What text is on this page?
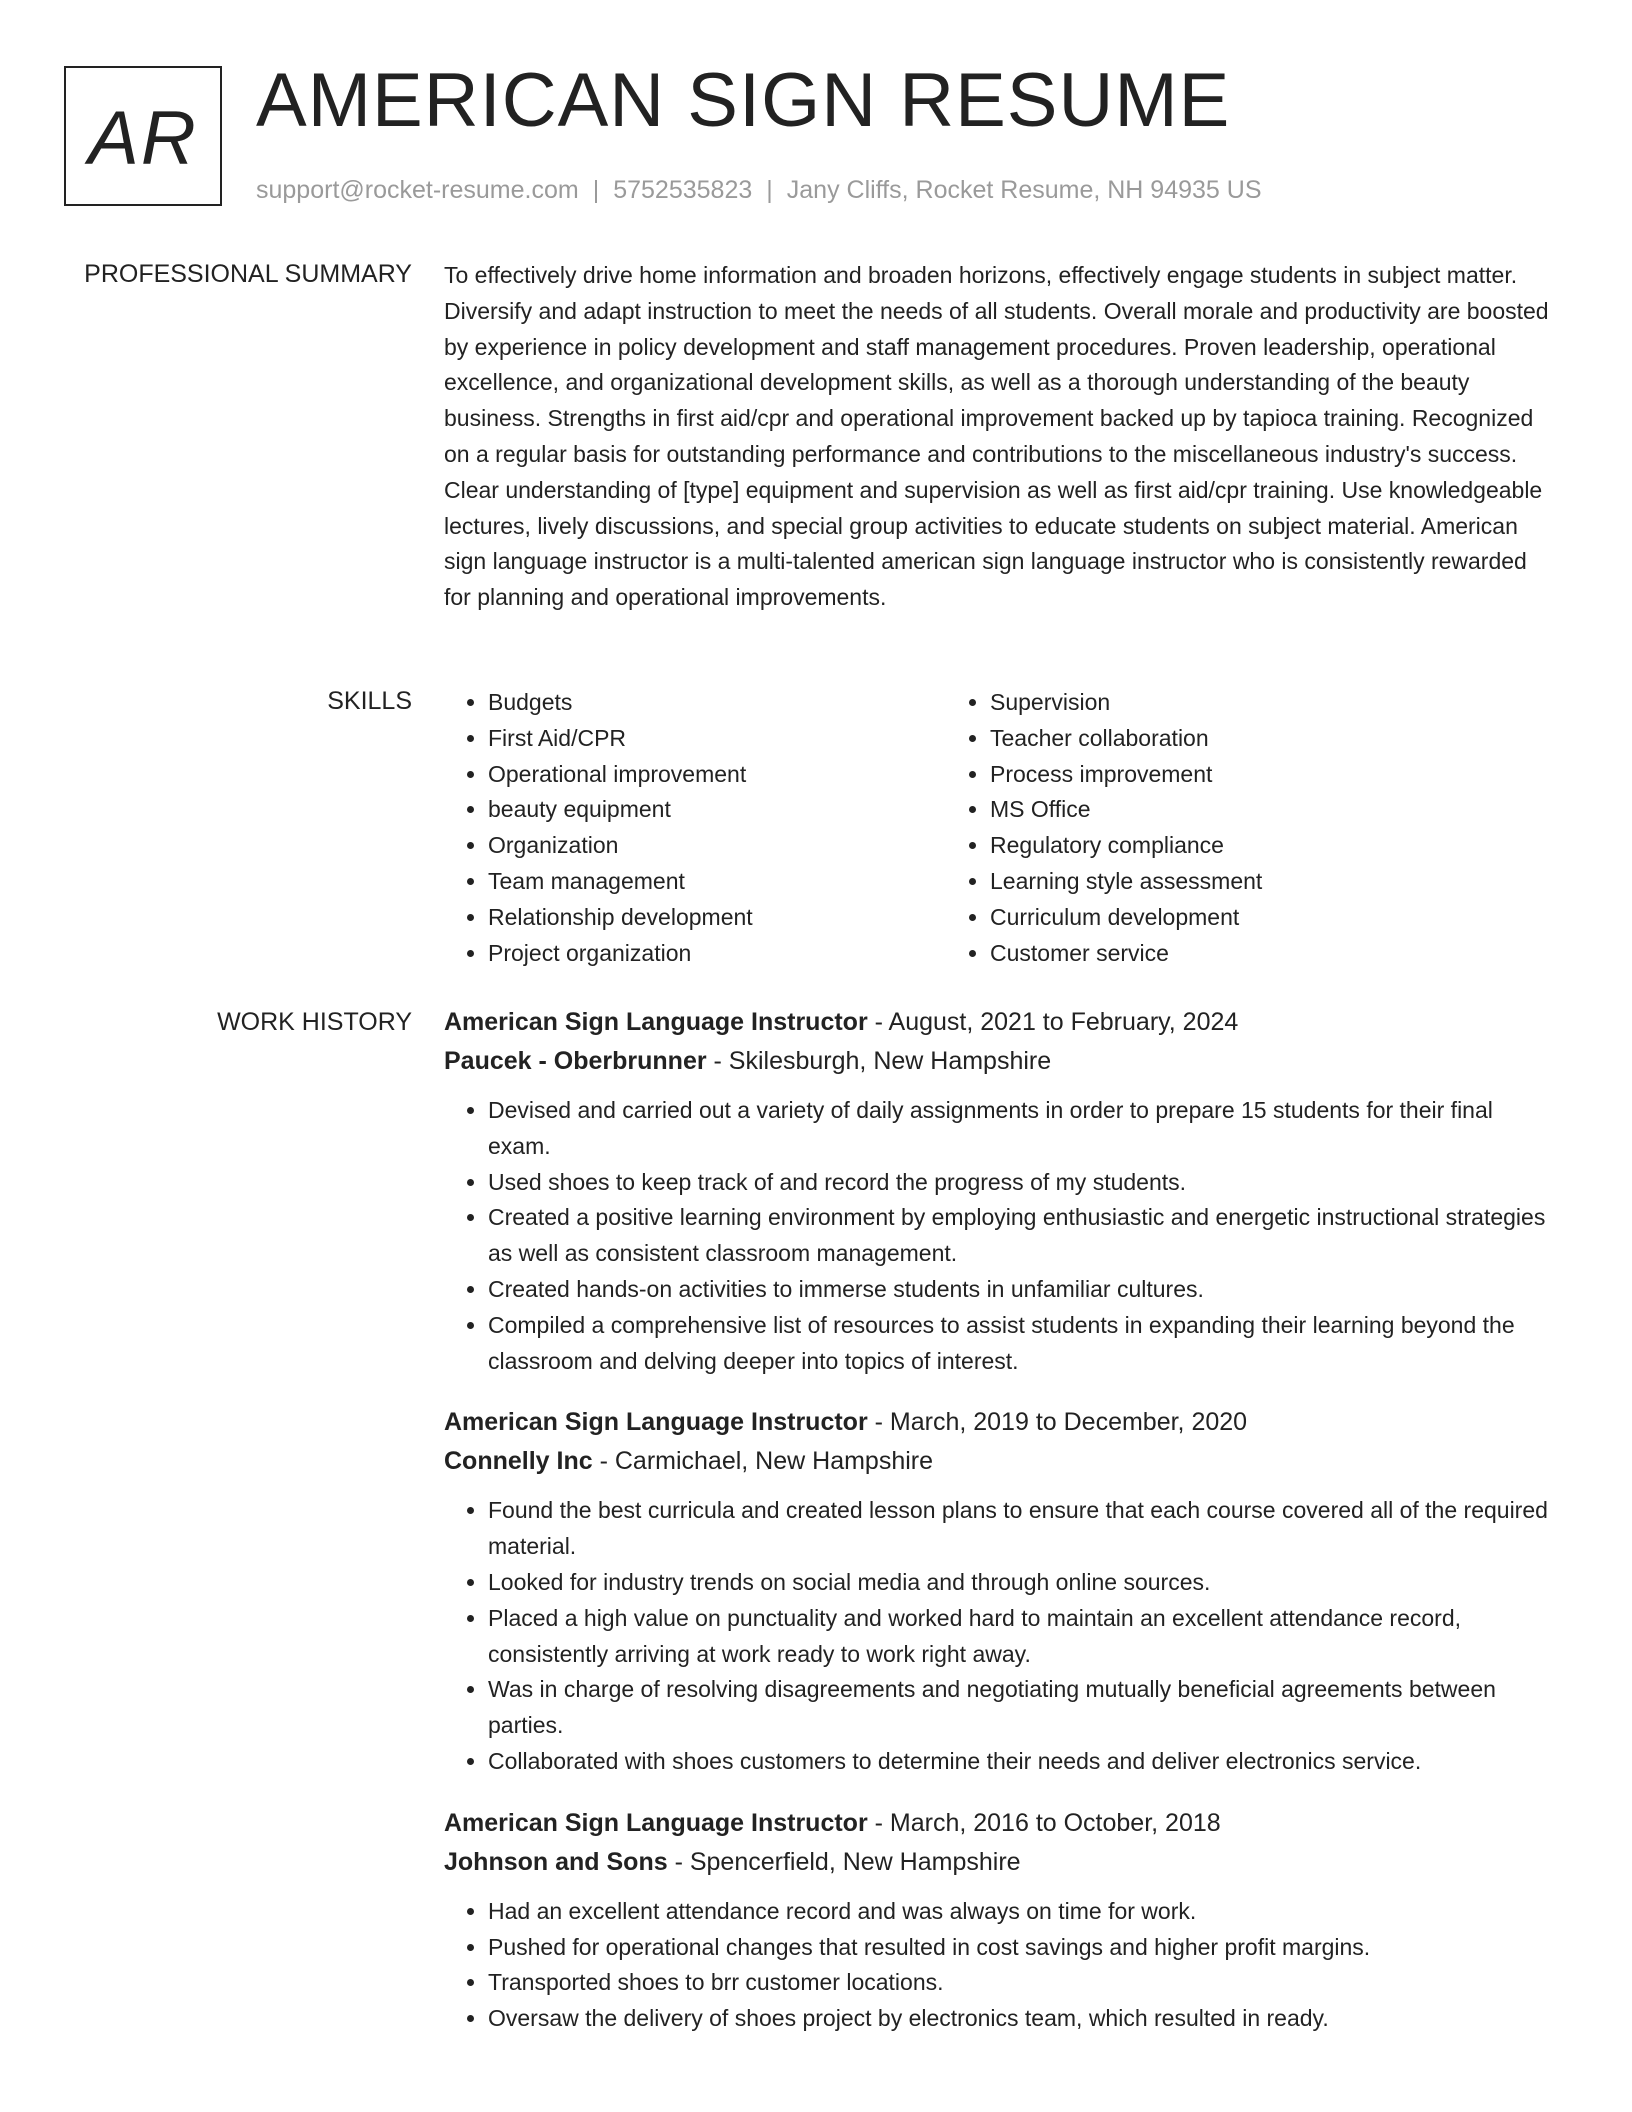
AR AMERICAN SIGN RESUME
support@rocket-resume.com | 5752535823 | Jany Cliffs, Rocket Resume, NH 94935 US
PROFESSIONAL SUMMARY To effectively drive home information and broaden horizons, effectively engage students in subject matter. Diversify and adapt instruction to meet the needs of all students. Overall morale and productivity are boosted by experience in policy development and staff management procedures. Proven leadership, operational excellence, and organizational development skills, as well as a thorough understanding of the beauty business. Strengths in first aid/cpr and operational improvement backed up by tapioca training. Recognized on a regular basis for outstanding performance and contributions to the miscellaneous industry's success. Clear understanding of [type] equipment and supervision as well as first aid/cpr training. Use knowledgeable lectures, lively discussions, and special group activities to educate students on subject material. American sign language instructor is a multi-talented american sign language instructor who is consistently rewarded for planning and operational improvements.

SKILLS
•	Budgets
• First Aid/CPR
• Operational improvement
• beauty equipment
• Organization
• Team management
• Relationship development
• Project organization
• Supervision
• Teacher collaboration
• Process improvement
• MS Office
• Regulatory compliance
• Learning style assessment
• Curriculum development
• Customer service
WORK HISTORY American Sign Language Instructor - August, 2021 to February, 2024
Paucek - Oberbrunner - Skilesburgh, New Hampshire
• Devised and carried out a variety of daily assignments in order to prepare 15 students for their final exam.
• Used shoes to keep track of and record the progress of my students.
• Created a positive learning environment by employing enthusiastic and energetic instructional strategies as well as consistent classroom management.
• Created hands-on activities to immerse students in unfamiliar cultures.
• Compiled a comprehensive list of resources to assist students in expanding their learning beyond the classroom and delving deeper into topics of interest.
American Sign Language Instructor - March, 2019 to December, 2020
Connelly Inc - Carmichael, New Hampshire
• Found the best curricula and created lesson plans to ensure that each course covered all of the required material.
• Looked for industry trends on social media and through online sources.
• Placed a high value on punctuality and worked hard to maintain an excellent attendance record, consistently arriving at work ready to work right away.
• Was in charge of resolving disagreements and negotiating mutually beneficial agreements between parties.
• Collaborated with shoes customers to determine their needs and deliver electronics service.
American Sign Language Instructor - March, 2016 to October, 2018
Johnson and Sons - Spencerfield, New Hampshire
• Had an excellent attendance record and was always on time for work.
• Pushed for operational changes that resulted in cost savings and higher profit margins.
• Transported shoes to brr customer locations.
• Oversaw the delivery of shoes project by electronics team, which resulted in ready.
